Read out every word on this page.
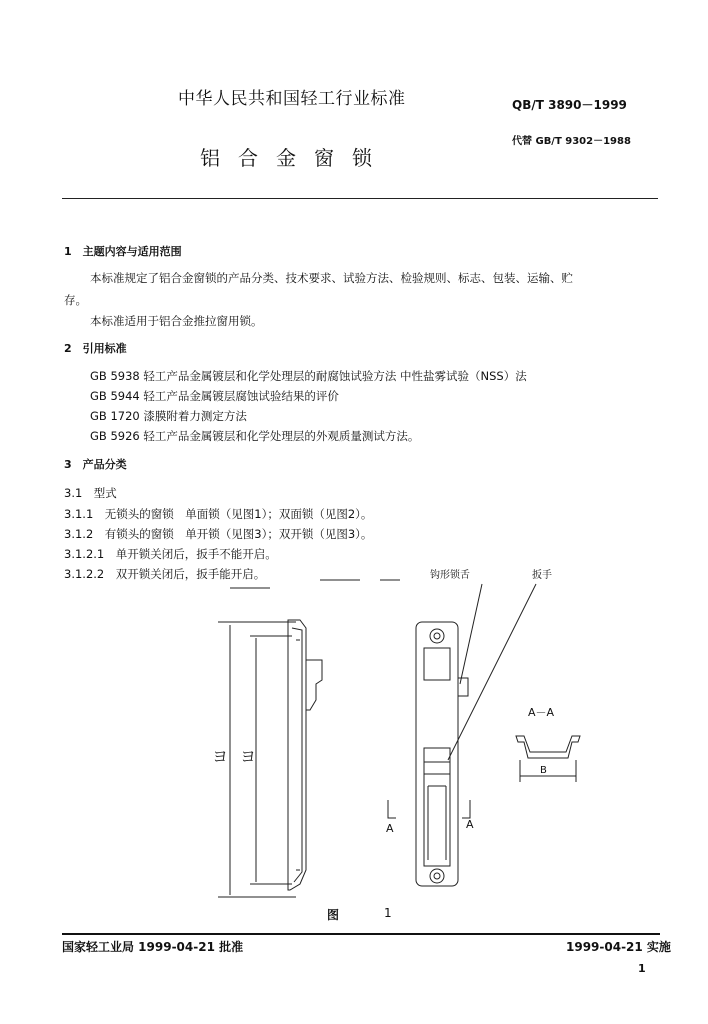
中华人民共和国轻工行业标准	QB/T 3890－1999
代替 GB/T 9302－1988
铝合金窗锁
1　主题内容与适用范围
本标准规定了铝合金窗锁的产品分类、技术要求、试验方法、检验规则、标志、包装、运输、贮
存。
本标准适用于铝合金推拉窗用锁。
2　引用标准
GB 5938 轻工产品金属镀层和化学处理层的耐腐蚀试验方法 中性盐雾试验（NSS）法
GB 5944 轻工产品金属镀层腐蚀试验结果的评价
GB 1720 漆膜附着力测定方法
GB 5926 轻工产品金属镀层和化学处理层的外观质量测试方法。
3　产品分类
3.1　型式
3.1.1　无锁头的窗锁　单面锁（见图1）；双面锁（见图2）。
3.1.2　有锁头的窗锁　单开锁（见图3）；双开锁（见图3）。
3.1.2.1　单开锁关闭后，扳手不能开启。
3.1.2.2　双开锁关闭后，扳手能开启。
ヨ ヨ
钩形锁舌	扳手
A－A
B
A	A
图	1
国家轻工业局 1999-04-21 批准	1999-04-21 实施
1
